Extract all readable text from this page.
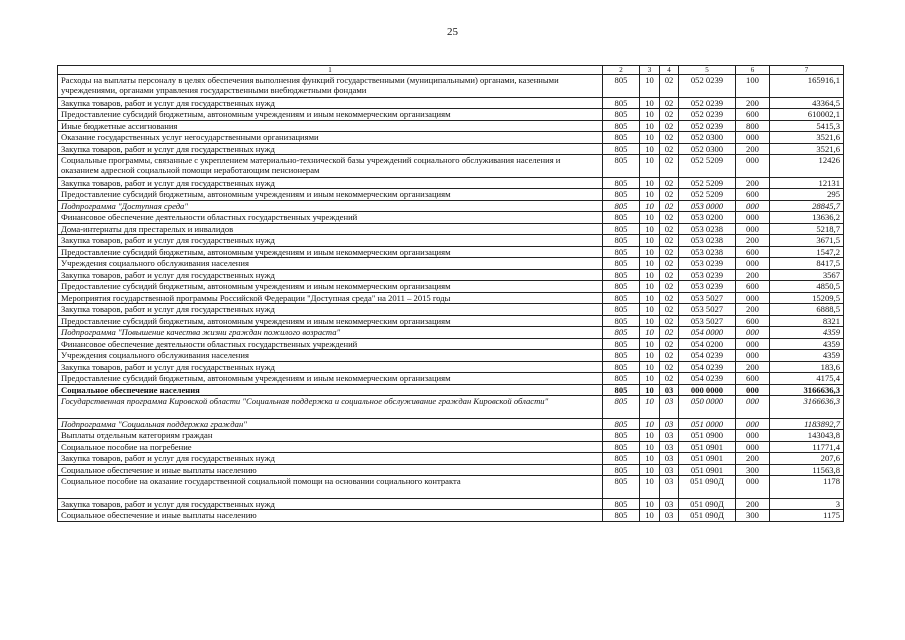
25
1	2	3	4	5	6	7
Расходы на выплаты персоналу в целях обеспечения выполнения функций государственными (муниципальными) органами, казенными учреждениями, органами управления государственными внебюджетными фондами	805	10	02	052 0239	100	165916,1
Закупка товаров, работ и услуг для государственных нужд	805	10	02	052 0239	200	43364,5
Предоставление субсидий бюджетным, автономным учреждениям и иным некоммерческим организациям	805	10	02	052 0239	600	610002,1
Иные бюджетные ассигнования	805	10	02	052 0239	800	5415,3
Оказание государственных услуг негосударственными организациями	805	10	02	052 0300	000	3521,6
Закупка товаров, работ и услуг для государственных нужд	805	10	02	052 0300	200	3521,6
Социальные программы, связанные с укреплением материально-технической базы учреждений социального обслуживания населения и оказанием адресной социальной помощи неработающим пенсионерам	805	10	02	052 5209	000	12426
Закупка товаров, работ и услуг для государственных нужд	805	10	02	052 5209	200	12131
Предоставление субсидий бюджетным, автономным учреждениям и иным некоммерческим организациям	805	10	02	052 5209	600	295
Подпрограмма "Доступная среда"	805	10	02	053 0000	000	28845,7
Финансовое обеспечение деятельности областных государственных учреждений	805	10	02	053 0200	000	13636,2
Дома-интернаты для престарелых и инвалидов	805	10	02	053 0238	000	5218,7
Закупка товаров, работ и услуг для государственных нужд	805	10	02	053 0238	200	3671,5
Предоставление субсидий бюджетным, автономным учреждениям и иным некоммерческим организациям	805	10	02	053 0238	600	1547,2
Учреждения социального обслуживания населения	805	10	02	053 0239	000	8417,5
Закупка товаров, работ и услуг для государственных нужд	805	10	02	053 0239	200	3567
Предоставление субсидий бюджетным, автономным учреждениям и иным некоммерческим организациям	805	10	02	053 0239	600	4850,5
Мероприятия государственной программы Российской Федерации "Доступная среда" на 2011 – 2015 годы	805	10	02	053 5027	000	15209,5
Закупка товаров, работ и услуг для государственных нужд	805	10	02	053 5027	200	6888,5
Предоставление субсидий бюджетным, автономным учреждениям и иным некоммерческим организациям	805	10	02	053 5027	600	8321
Подпрограмма "Повышение качества жизни граждан пожилого возраста"	805	10	02	054 0000	000	4359
Финансовое обеспечение деятельности областных государственных учреждений	805	10	02	054 0200	000	4359
Учреждения социального обслуживания населения	805	10	02	054 0239	000	4359
Закупка товаров, работ и услуг для государственных нужд	805	10	02	054 0239	200	183,6
Предоставление субсидий бюджетным, автономным учреждениям и иным некоммерческим организациям	805	10	02	054 0239	600	4175,4
Социальное обеспечение населения	805	10	03	000 0000	000	3166636,3
Государственная программа Кировской области "Социальная поддержка и социальное обслуживание граждан Кировской области"	805	10	03	050 0000	000	3166636,3
Подпрограмма "Социальная поддержка граждан"	805	10	03	051 0000	000	1183892,7
Выплаты отдельным категориям граждан	805	10	03	051 0900	000	143043,8
Социальное пособие на погребение	805	10	03	051 0901	000	11771,4
Закупка товаров, работ и услуг для государственных нужд	805	10	03	051 0901	200	207,6
Социальное обеспечение и иные выплаты населению	805	10	03	051 0901	300	11563,8
Социальное пособие на оказание государственной социальной помощи на основании социального контракта	805	10	03	051 090Д	000	1178
Закупка товаров, работ и услуг для государственных нужд	805	10	03	051 090Д	200	3
Социальное обеспечение и иные выплаты населению	805	10	03	051 090Д	300	1175
